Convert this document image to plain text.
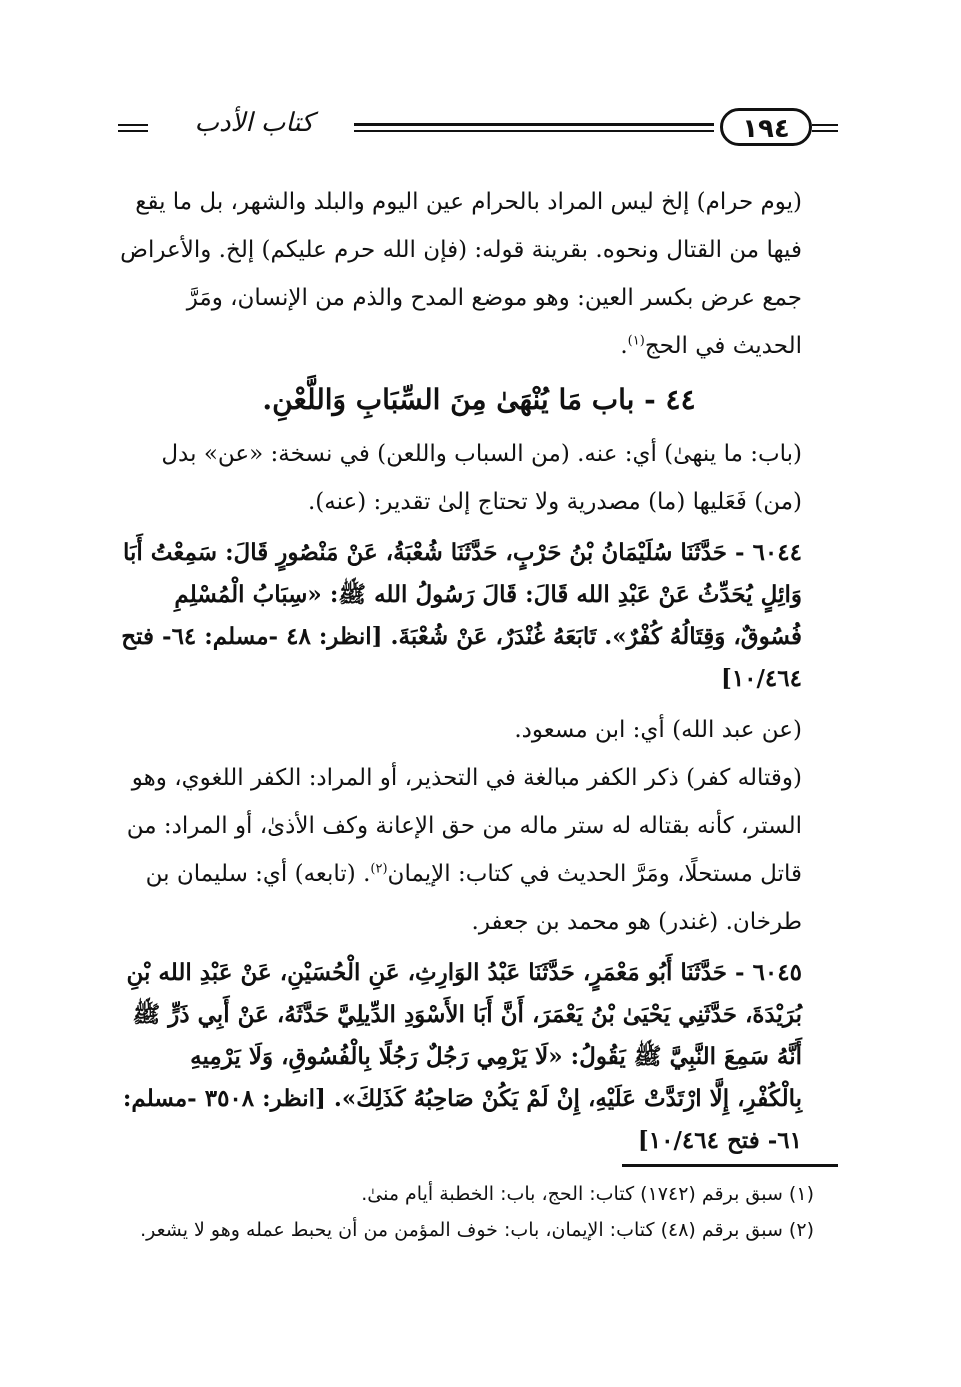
كتاب الأدب	١٩٤

(يوم حرام) إلخ ليس المراد بالحرام عين اليوم والبلد والشهر، بل ما يقع فيها من القتال ونحوه. بقرينة قوله: (فإن الله حرم عليكم) إلخ. والأعراض جمع عرض بكسر العين: وهو موضع المدح والذم من الإنسان، ومَرَّ الحديث في الحج$^{(١)}$.

٤٤ - باب مَا يُنْهَىٰ مِنَ السِّبَابِ وَاللَّعْنِ.

(باب: ما ينهىٰ) أي: عنه. (من السباب واللعن) في نسخة: «عن» بدل (من) فَعَليها (ما) مصدرية ولا تحتاج إلىٰ تقدير: (عنه).

٦٠٤٤ - حَدَّثَنَا سُلَيْمَانُ بْنُ حَرْبٍ، حَدَّثَنَا شُعْبَةُ، عَنْ مَنْصُورٍ قَالَ: سَمِعْتُ أَبَا وَائِلٍ يُحَدِّثُ عَنْ عَبْدِ الله قَالَ: قَالَ رَسُولُ الله ﷺ: «سِبَابُ الْمُسْلِمِ فُسُوقٌ، وَقِتَالُهُ كُفْرٌ». تَابَعَهُ غُنْدَرٌ، عَنْ شُعْبَةَ. [انظر: ٤٨ -مسلم: ٦٤- فتح ١٠/٤٦٤]

(عن عبد الله) أي: ابن مسعود.

(وقتاله كفر) ذكر الكفر مبالغة في التحذير، أو المراد: الكفر اللغوي، وهو الستر، كأنه بقتاله له ستر ماله من حق الإعانة وكف الأذىٰ، أو المراد: من قاتل مستحلًا، ومَرَّ الحديث في كتاب: الإيمان$^{(٢)}$. (تابعه) أي: سليمان بن طرخان. (غندر) هو محمد بن جعفر.

٦٠٤٥ - حَدَّثَنَا أَبُو مَعْمَرٍ، حَدَّثَنَا عَبْدُ الوَارِثِ، عَنِ الْحُسَيْنِ، عَنْ عَبْدِ الله بْنِ بُرَيْدَةَ، حَدَّثَنِي يَحْيَىٰ بْنُ يَعْمَرَ، أَنَّ أَبَا الأَسْوَدِ الدِّيلِيَّ حَدَّثَهُ، عَنْ أَبِي ذَرٍّ ﷺ أَنَّهُ سَمِعَ النَّبِيَّ ﷺ يَقُولُ: «لَا يَرْمِي رَجُلٌ رَجُلًا بِالْفُسُوقِ، وَلَا يَرْمِيهِ بِالْكُفْرِ، إِلَّا ارْتَدَّتْ عَلَيْهِ، إِنْ لَمْ يَكُنْ صَاحِبُهُ كَذَلِكَ». [انظر: ٣٥٠٨ -مسلم: ٦١- فتح ١٠/٤٦٤]

(١) سبق برقم (١٧٤٢) كتاب: الحج، باب: الخطبة أيام منىٰ.

(٢) سبق برقم (٤٨) كتاب: الإيمان، باب: خوف المؤمن من أن يحبط عمله وهو لا يشعر.
